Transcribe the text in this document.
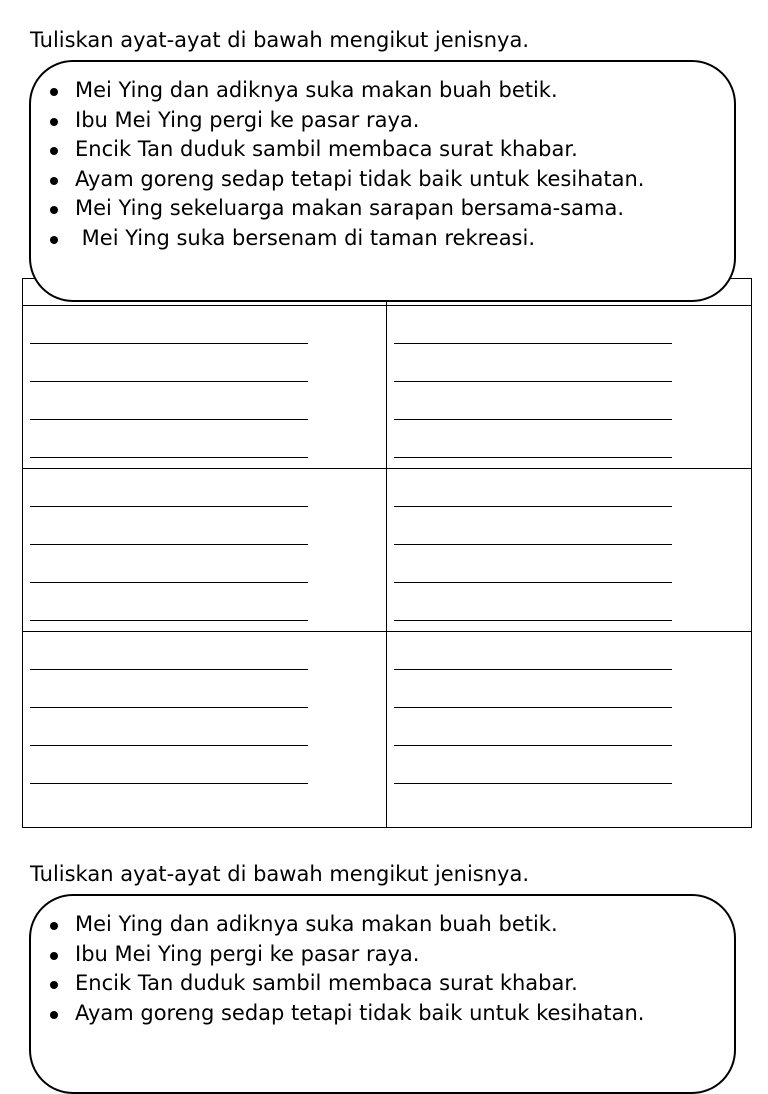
Tuliskan ayat-ayat di bawah mengikut jenisnya.
Mei Ying dan adiknya suka makan buah betik.
Ibu Mei Ying pergi ke pasar raya.
Encik Tan duduk sambil membaca surat khabar.
Ayam goreng sedap tetapi tidak baik untuk kesihatan.
Mei Ying sekeluarga makan sarapan bersama-sama.
Mei Ying suka bersenam di taman rekreasi.

Tuliskan ayat-ayat di bawah mengikut jenisnya.
Mei Ying dan adiknya suka makan buah betik.
Ibu Mei Ying pergi ke pasar raya.
Encik Tan duduk sambil membaca surat khabar.
Ayam goreng sedap tetapi tidak baik untuk kesihatan.
